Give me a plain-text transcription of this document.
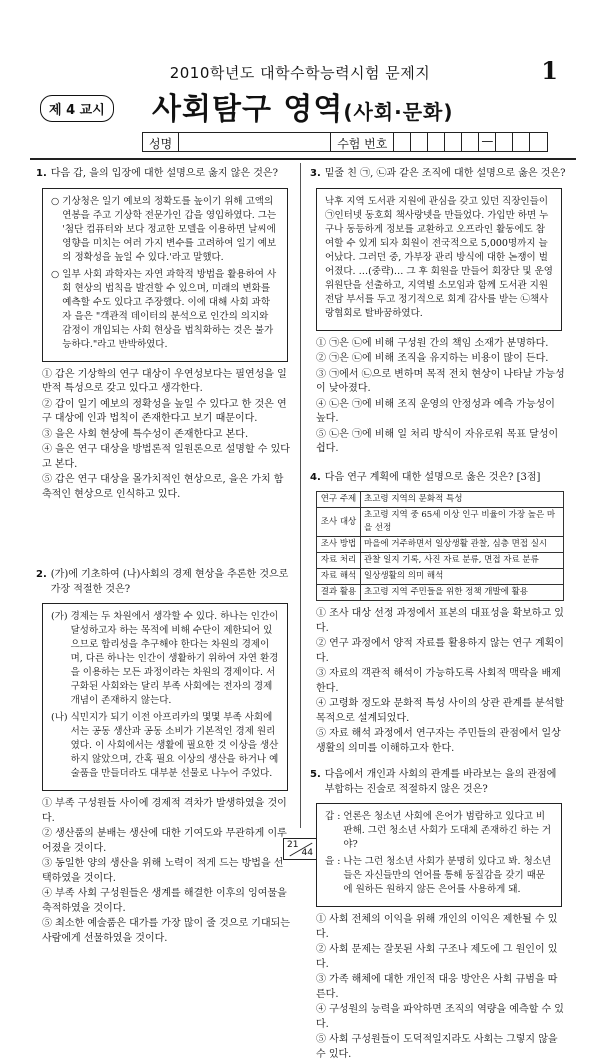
2010학년도 대학수학능력시험 문제지	1
제 4 교시	사회탐구 영역(사회·문화)
성명	수험 번호	—
1. 다음 갑, 을의 입장에 대한 설명으로 옳지 않은 것은?
○ 기상청은 일기 예보의 정확도를 높이기 위해 고액의 연봉을 주고 기상학 전문가인 갑을 영입하였다. 그는 '첨단 컴퓨터와 보다 정교한 모델을 이용하면 날씨에 영향을 미치는 여러 가지 변수를 고려하여 일기 예보의 정확성을 높일 수 있다.'라고 말했다.
○ 일부 사회 과학자는 자연 과학적 방법을 활용하여 사회 현상의 법칙을 발견할 수 있으며, 미래의 변화를 예측할 수도 있다고 주장했다. 이에 대해 사회 과학자 을은 "객관적 데이터의 분석으로 인간의 의지와 감정이 개입되는 사회 현상을 법칙화하는 것은 불가능하다."라고 반박하였다.
① 갑은 기상학의 연구 대상이 우연성보다는 필연성을 일반적 특성으로 갖고 있다고 생각한다.
② 갑이 일기 예보의 정확성을 높일 수 있다고 한 것은 연구 대상에 인과 법칙이 존재한다고 보기 때문이다.
③ 을은 사회 현상에 특수성이 존재한다고 본다.
④ 을은 연구 대상을 방법론적 일원론으로 설명할 수 있다고 본다.
⑤ 갑은 연구 대상을 몰가치적인 현상으로, 을은 가치 함축적인 현상으로 인식하고 있다.
2. (가)에 기초하여 (나)사회의 경제 현상을 추론한 것으로 가장 적절한 것은?
(가) 경제는 두 차원에서 생각할 수 있다. 하나는 인간이 달성하고자 하는 목적에 비해 수단이 제한되어 있으므로 합리성을 추구해야 한다는 차원의 경제이며, 다른 하나는 인간이 생활하기 위하여 자연 환경을 이용하는 모든 과정이라는 차원의 경제이다. 서구화된 사회와는 달리 부족 사회에는 전자의 경제 개념이 존재하지 않는다.
(나) 식민지가 되기 이전 아프리카의 몇몇 부족 사회에서는 공동 생산과 공동 소비가 기본적인 경제 원리였다. 이 사회에서는 생활에 필요한 것 이상을 생산하지 않았으며, 간혹 필요 이상의 생산을 하거나 예술품을 만들더라도 대부분 선물로 나누어 주었다.
① 부족 구성원들 사이에 경제적 격차가 발생하였을 것이다.
② 생산품의 분배는 생산에 대한 기여도와 무관하게 이루어졌을 것이다.
③ 동일한 양의 생산을 위해 노력이 적게 드는 방법을 선택하였을 것이다.
④ 부족 사회 구성원들은 생계를 해결한 이후의 잉여물을 축적하였을 것이다.
⑤ 최소한 예술품은 대가를 가장 많이 줄 것으로 기대되는 사람에게 선물하였을 것이다.
3. 밑줄 친 ㉠, ㉡과 같은 조직에 대한 설명으로 옳은 것은?

낙후 지역 도서관 지원에 관심을 갖고 있던 직장인들이 ㉠인터넷 동호회 책사랑넷을 만들었다. 가입만 하면 누구나 동등하게 정보를 교환하고 오프라인 활동에도 참여할 수 있게 되자 회원이 전국적으로 5,000명까지 늘어났다. 그러던 중, 가부장 관리 방식에 대한 논쟁이 벌어졌다. …(중략)… 그 후 회원을 만들어 회장단 및 운영 위원단을 선출하고, 지역별 소모임과 함께 도서관 지원 전담 부서를 두고 정기적으로 회계 감사를 받는 ㉡책사랑협회로 탈바꿈하였다.

① ㉠은 ㉡에 비해 구성원 간의 책임 소재가 분명하다.
② ㉠은 ㉡에 비해 조직을 유지하는 비용이 많이 든다.
③ ㉠에서 ㉡으로 변하며 목적 전치 현상이 나타날 가능성이 낮아졌다.
④ ㉡은 ㉠에 비해 조직 운영의 안정성과 예측 가능성이 높다.
⑤ ㉡은 ㉠에 비해 일 처리 방식이 자유로워 목표 달성이 쉽다.
4. 다음 연구 계획에 대한 설명으로 옳은 것은? [3점]
연구 주제	초고령 지역의 문화적 특성
조사 대상	초고령 지역 중 65세 이상 인구 비율이 가장 높은 마을 선정
조사 방법	마을에 거주하면서 일상생활 관찰, 심층 면접 실시
자료 처리	관찰 일지 기록, 사진 자료 분류, 면접 자료 분류
자료 해석	일상생활의 의미 해석
결과 활용	초고령 지역 주민들을 위한 정책 개발에 활용
① 조사 대상 선정 과정에서 표본의 대표성을 확보하고 있다.
② 연구 과정에서 양적 자료를 활용하지 않는 연구 계획이다.
③ 자료의 객관적 해석이 가능하도록 사회적 맥락을 배제한다.
④ 고령화 정도와 문화적 특성 사이의 상관 관계를 분석할 목적으로 설계되었다.
⑤ 자료 해석 과정에서 연구자는 주민들의 관점에서 일상생활의 의미를 이해하고자 한다.
5. 다음에서 개인과 사회의 관계를 바라보는 을의 관점에 부합하는 진술로 적절하지 않은 것은?
갑 : 언론은 청소년 사회에 은어가 범람하고 있다고 비판해. 그런 청소년 사회가 도대체 존재하긴 하는 거야?
을 : 나는 그런 청소년 사회가 분명히 있다고 봐. 청소년들은 자신들만의 언어를 통해 동질감을 갖기 때문에 원하든 원하지 않든 은어를 사용하게 돼.
① 사회 전체의 이익을 위해 개인의 이익은 제한될 수 있다.
② 사회 문제는 잘못된 사회 구조나 제도에 그 원인이 있다.
③ 가족 해체에 대한 개인적 대응 방안은 사회 규범을 따른다.
④ 구성원의 능력을 파악하면 조직의 역량을 예측할 수 있다.
⑤ 사회 구성원들이 도덕적일지라도 사회는 그렇지 않을 수 있다.
21
44
